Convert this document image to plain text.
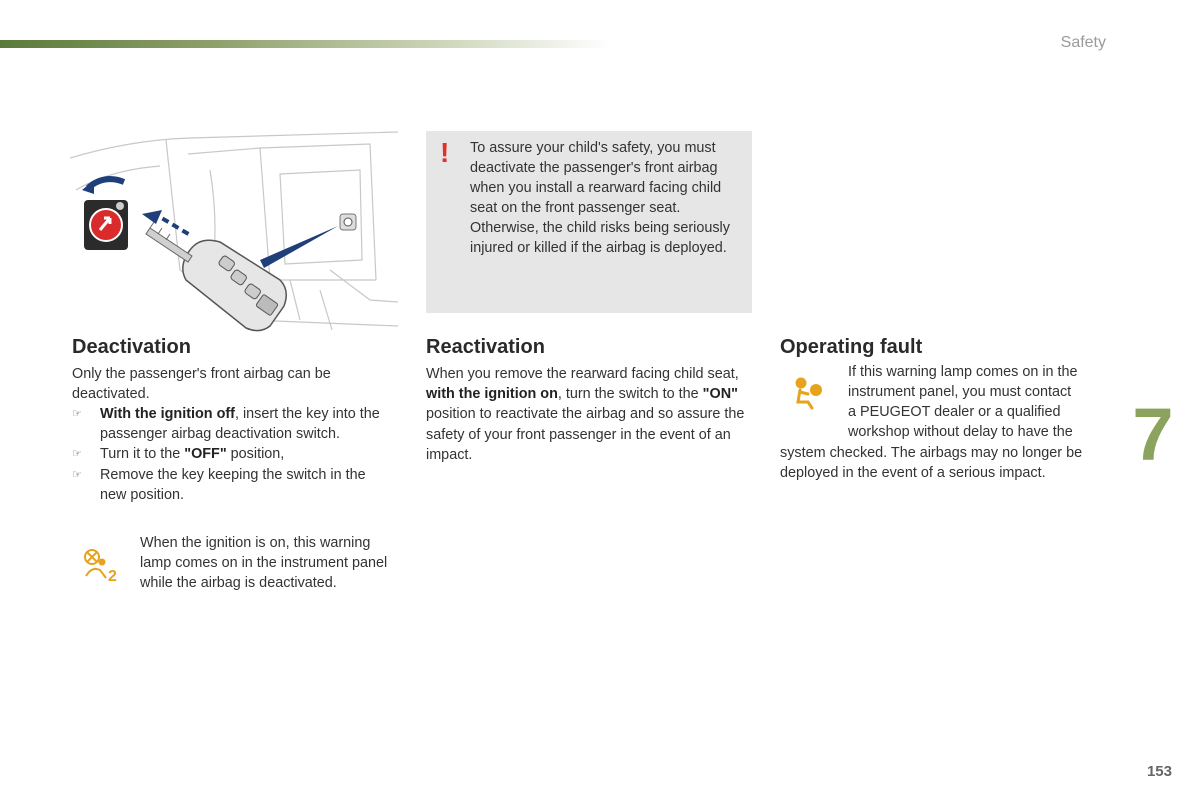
Safety
! To assure your child's safety, you must deactivate the passenger's front airbag when you install a rearward facing child seat on the front passenger seat. Otherwise, the child risks being seriously injured or killed if the airbag is deployed.
Deactivation
Only the passenger's front airbag can be deactivated.
☞ With the ignition off, insert the key into the passenger airbag deactivation switch.
☞ Turn it to the "OFF" position,
☞ Remove the key keeping the switch in the new position.
2
When the ignition is on, this warning lamp comes on in the instrument panel while the airbag is deactivated.
Reactivation
When you remove the rearward facing child seat, with the ignition on, turn the switch to the "ON" position to reactivate the airbag and so assure the safety of your front passenger in the event of an impact.
Operating fault
If this warning lamp comes on in the
instrument panel, you must contact
a PEUGEOT dealer or a qualified
workshop without delay to have the
system checked. The airbags may no longer be
deployed in the event of a serious impact.	7
153
